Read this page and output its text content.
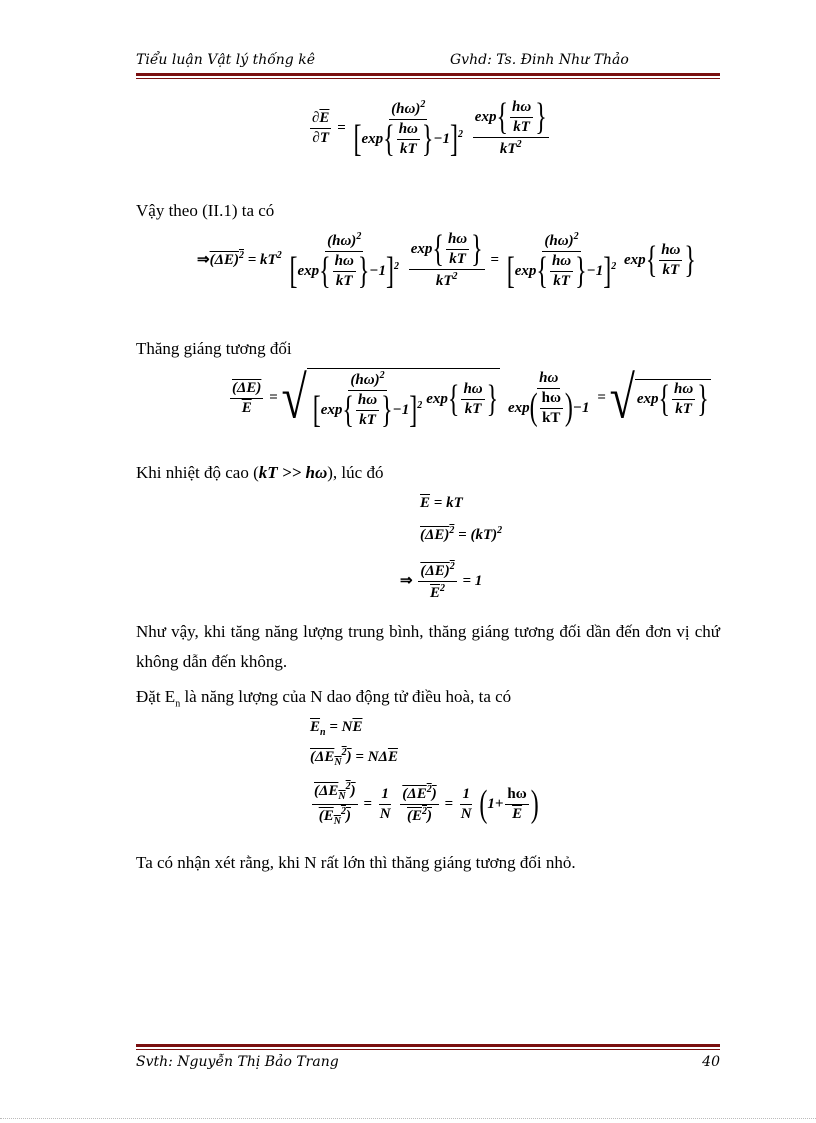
Tiểu luận Vật lý thống kê	Gvhd: Ts. Đinh Như Thảo
$\frac{\partial\overline{E}}{\partial T} = \frac{(h\omega)^2}{[\exp\{ \frac{h\omega}{kT} \}-1]^2}$
$\frac{\exp\{ \frac{h\omega}{kT} \}}{kT^2}$
Vậy theo (II.1) ta có
$\Rightarrow(\Delta E)^2 = kT^2 \frac{(h\omega)^2}{[\exp\{ \frac{h\omega}{kT} \}-1]^2}$
$\frac{\exp\{ \frac{h\omega}{kT} \}}{kT^2} = \frac{(h\omega)^2}{[\exp\{ \frac{h\omega}{kT} \}-1]^2} \exp\{ \frac{h\omega}{kT}$ }
Thăng giáng tương đối
$\frac{(\Delta E)}{E}$ = √ $\frac{(h\omega)^2}{[\exp\{ \frac{h\omega}{kT} \}-1]^2}$ exp { $\frac{h\omega}{kT}$ }
$\frac{h\omega}{\exp( \frac{h\omega}{kT} )-1}$ = √ exp { $\frac{h\omega}{kT}$ }
Khi nhiệt độ cao (kT >> hω), lúc đó
$\overline{E}$ = kT
$(\Delta E)^2 = (kT)^2$
⇒ $\frac{(\Delta E)^2}{\overline{E}^2} = 1$
Như vậy, khi tăng năng lượng trung bình, thăng giáng tương đối dần đến đơn vị chứ không dẫn đến không.
Đặt $E_n$ là năng lượng của N dao động tử điều hoà, ta có
$\overline{E}_n = N\overline{E}$
$(\Delta E_N^2) = N\Delta\overline{E}$
$\frac{(\Delta E_N^2)}{(E_N^2)} = \frac{1}{N}$
$\frac{(\Delta E^2)}{(E^2)} = \frac{1}{N} (1+ \frac{h\omega}{E}$ )
Ta có nhận xét rằng, khi N rất lớn thì thăng giáng tương đối nhỏ.
Svth: Nguyễn Thị Bảo Trang	40
